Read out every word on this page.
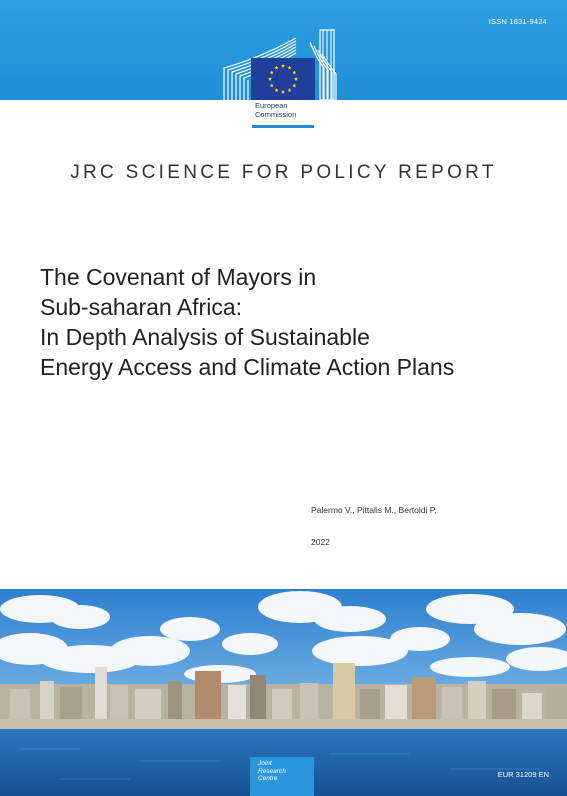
ISSN 1831-9424
European
Commission
JRC SCIENCE FOR POLICY REPORT
The Covenant of Mayors in
Sub-saharan Africa:
In Depth Analysis of Sustainable
Energy Access and Climate Action Plans
Palermo V., Pittalis M., Bertoldi P.
2022
Joint
Research
Centre	EUR 31209 EN
